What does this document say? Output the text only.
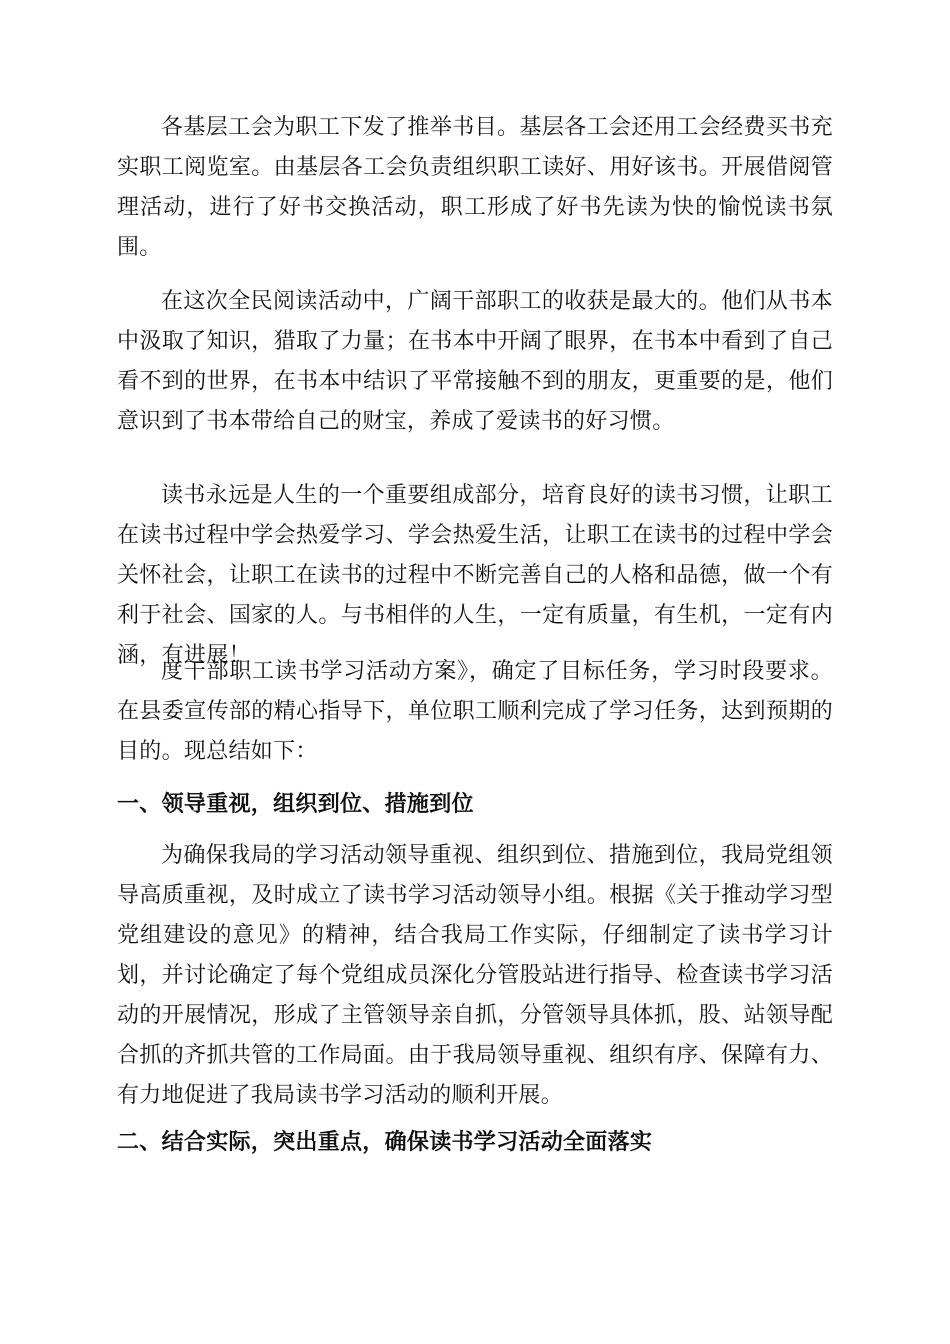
各基层工会为职工下发了推举书目。基层各工会还用工会经费买书充实职工阅览室。由基层各工会负责组织职工读好、用好该书。开展借阅管理活动，进行了好书交换活动，职工形成了好书先读为快的愉悦读书氛围。

在这次全民阅读活动中，广阔干部职工的收获是最大的。他们从书本中汲取了知识，猎取了力量；在书本中开阔了眼界，在书本中看到了自己看不到的世界，在书本中结识了平常接触不到的朋友，更重要的是，他们意识到了书本带给自己的财宝，养成了爱读书的好习惯。

读书永远是人生的一个重要组成部分，培育良好的读书习惯，让职工在读书过程中学会热爱学习、学会热爱生活，让职工在读书的过程中学会关怀社会，让职工在读书的过程中不断完善自己的人格和品德，做一个有利于社会、国家的人。与书相伴的人生，一定有质量，有生机，一定有内涵，有进展！

度干部职工读书学习活动方案》，确定了目标任务，学习时段要求。在县委宣传部的精心指导下，单位职工顺利完成了学习任务，达到预期的目的。现总结如下：

一、领导重视，组织到位、措施到位

为确保我局的学习活动领导重视、组织到位、措施到位，我局党组领导高质重视，及时成立了读书学习活动领导小组。根据《关于推动学习型党组建设的意见》的精神，结合我局工作实际，仔细制定了读书学习计划，并讨论确定了每个党组成员深化分管股站进行指导、检查读书学习活动的开展情况，形成了主管领导亲自抓，分管领导具体抓，股、站领导配合抓的齐抓共管的工作局面。由于我局领导重视、组织有序、保障有力、有力地促进了我局读书学习活动的顺利开展。

二、结合实际，突出重点，确保读书学习活动全面落实
